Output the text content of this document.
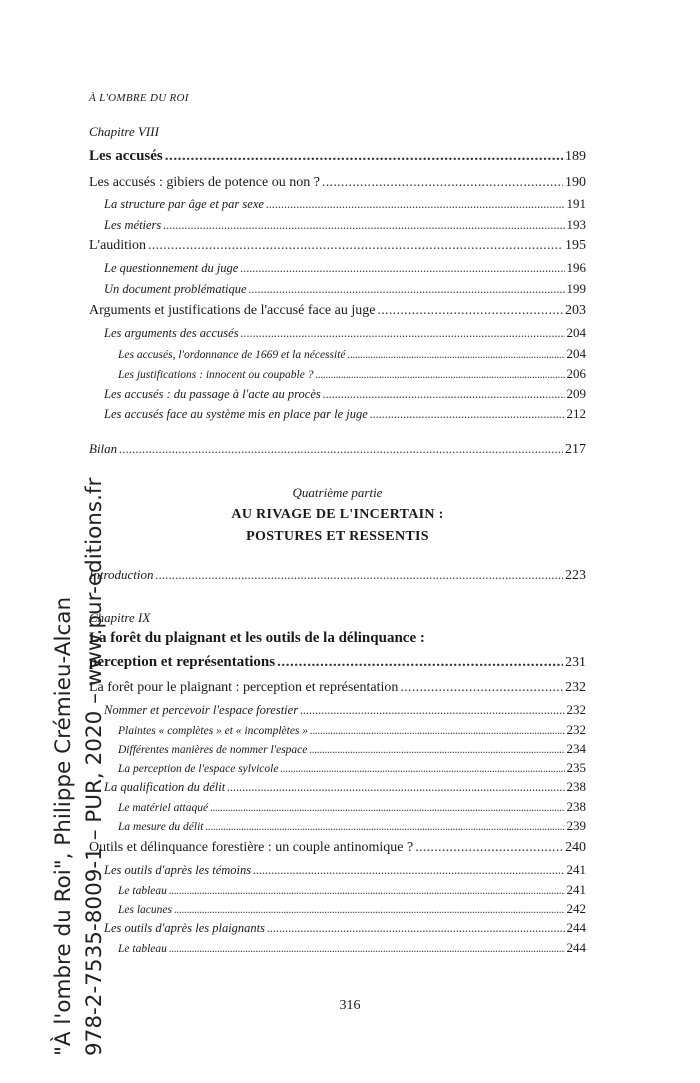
À L'OMBRE DU ROI
Chapitre VIII
Les accusés . . .	189
Les accusés : gibiers de potence ou non ? . . .	190
La structure par âge et par sexe . . .	191
Les métiers . . .	193
L'audition . . .	195
Le questionnement du juge . . .	196
Un document problématique . . .	199
Arguments et justifications de l'accusé face au juge . . .	203
Les arguments des accusés . . .	204
Les accusés, l'ordonnance de 1669 et la nécessité . . .	204
Les justifications : innocent ou coupable ? . . .	206
Les accusés : du passage à l'acte au procès . . .	209
Les accusés face au système mis en place par le juge . . .	212
Bilan . . .	217
Quatrième partie
AU RIVAGE DE L'INCERTAIN :
POSTURES ET RESSENTIS
Introduction . . .	223
Chapitre IX
La forêt du plaignant et les outils de la délinquance :
perception et représentations . . .	231
La forêt pour le plaignant : perception et représentation . . .	232
Nommer et percevoir l'espace forestier . . .	232
Plaintes « complètes » et « incomplètes » . . .	232
Différentes manières de nommer l'espace . . .	234
La perception de l'espace sylvicole . . .	235
La qualification du délit . . .	238
Le matériel attaqué . . .	238
La mesure du délit . . .	239
Outils et délinquance forestière : un couple antinomique ? . . .	240
Les outils d'après les témoins . . .	241
Le tableau . . .	241
Les lacunes . . .	242
Les outils d'après les plaignants . . .	244
Le tableau . . .	244
316
"À l'ombre du Roi", Philippe Crémieu-Alcan 978-2-7535-8009-1 – PUR, 2020 – www.pur-editions.fr
